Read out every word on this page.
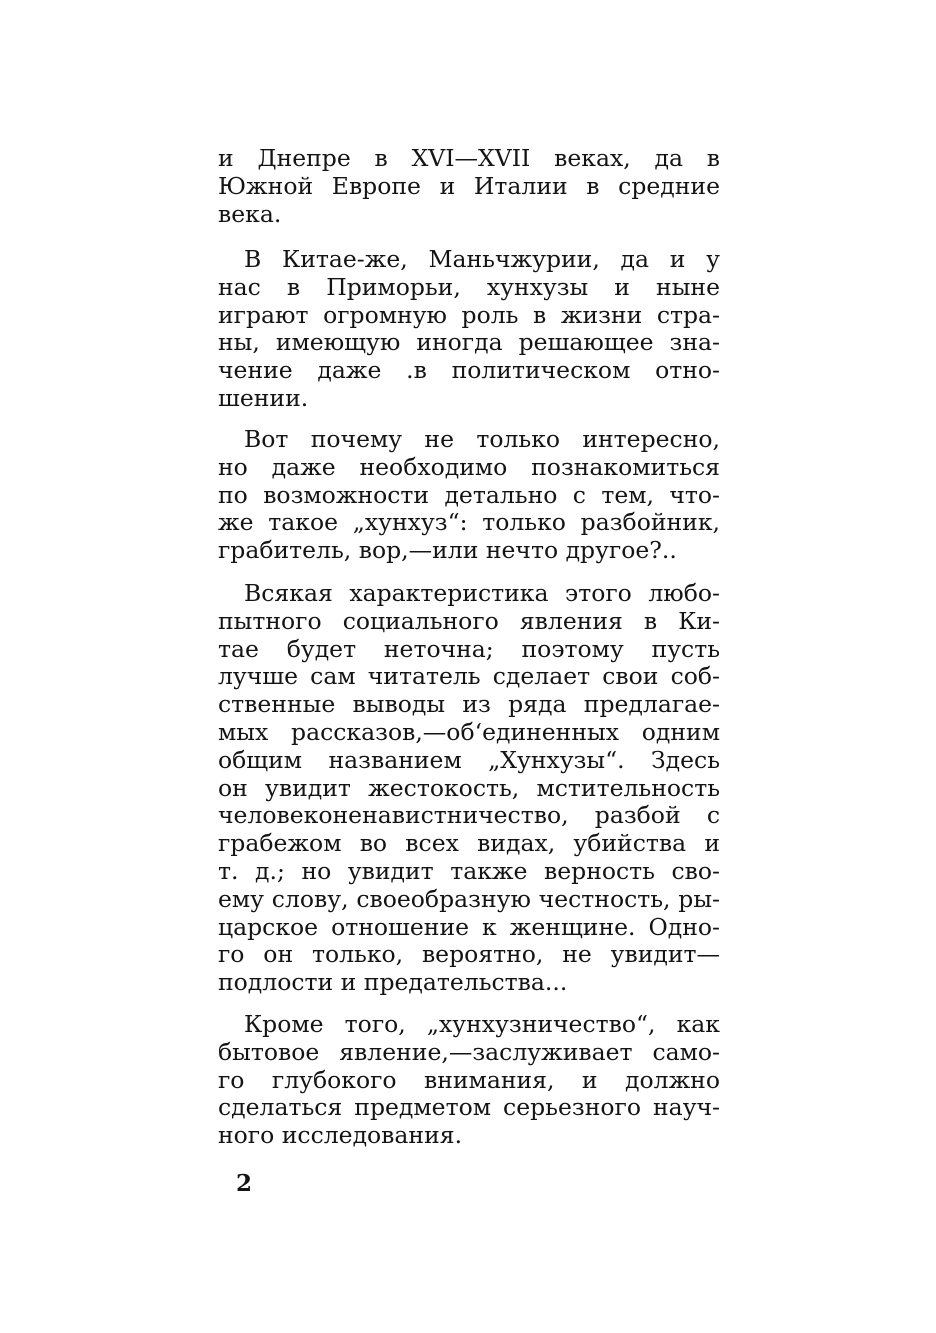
и Днепре в XVI—XVII веках, да в
Южной Европе и Италии в средние
века.
В Китае-же, Маньчжурии, да и у
нас в Приморьи, хунхузы и ныне
играют огромную роль в жизни стра-
ны, имеющую иногда решающее зна-
чение даже .в политическом отно-
шении.
Вот почему не только интересно,
но даже необходимо познакомиться
по возможности детально с тем, что-
же такое „хунхуз“: только разбойник,
грабитель, вор,—или нечто другое?..
Всякая характеристика этого любо-
пытного социального явления в Ки-
тае будет неточна; поэтому пусть
лучше сам читатель сделает свои соб-
ственные выводы из ряда предлагае-
мых рассказов,—об‘единенных одним
общим названием „Хунхузы“. Здесь
он увидит жестокость, мстительность
человеконенавистничество, разбой с
грабежом во всех видах, убийства и
т. д.; но увидит также верность сво-
ему слову, своеобразную честность, ры-
царское отношение к женщине. Одно-
го он только, вероятно, не увидит—
подлости и предательства...
Кроме того, „хунхузничество“, как
бытовое явление,—заслуживает само-
го глубокого внимания, и должно
сделаться предметом серьезного науч-
ного исследования.
2
